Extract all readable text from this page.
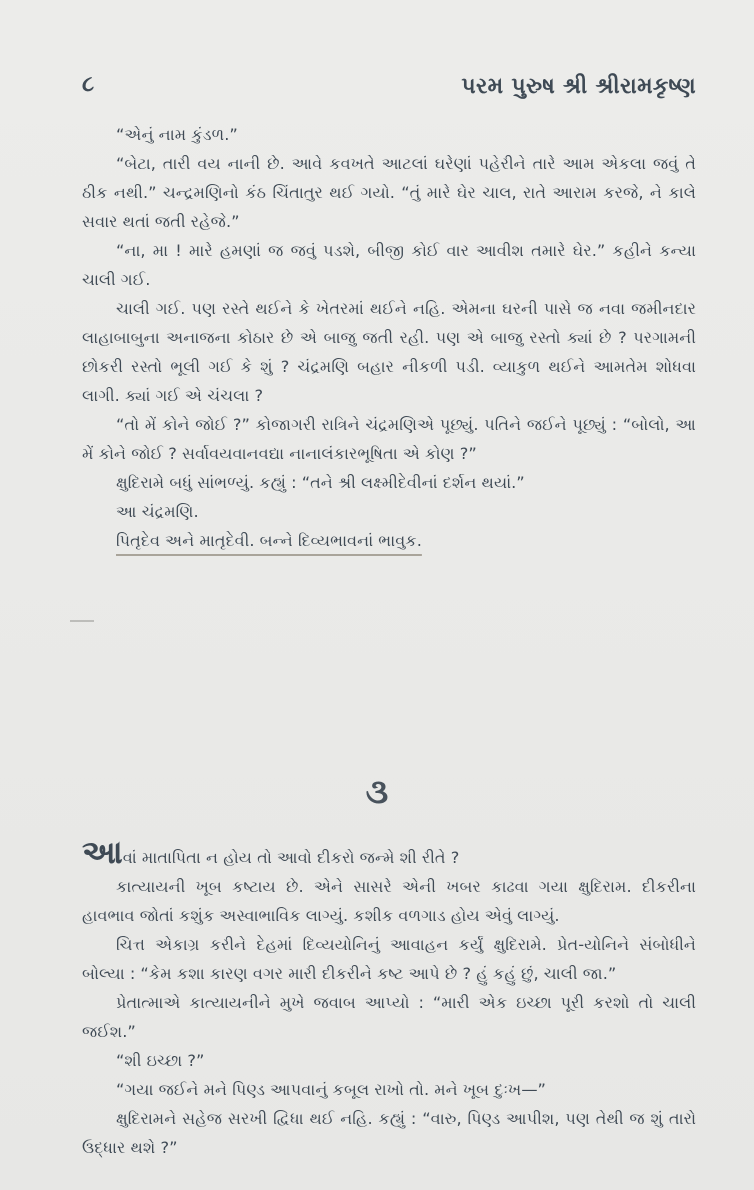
૮	પરમ પુરુષ શ્રી શ્રીરામકૃષ્ણ

“એનું નામ કુંડળ.”

“બેટા, તારી વય નાની છે. આવે કવખતે આટલાં ઘરેણાં પહેરીને તારે આમ એકલા જવું તે ઠીક નથી.” ચન્દ્રમણિનો કંઠ ચિંતાતુર થઈ ગયો. “તું મારે ઘેર ચાલ, રાતે આરામ કરજે, ને કાલે સવાર થતાં જતી રહેજે.”

“ના, મા ! મારે હમણાં જ જવું પડશે, બીજી કોઈ વાર આવીશ તમારે ઘેર.” કહીને કન્યા ચાલી ગઈ.

ચાલી ગઈ. પણ રસ્તે થઈને કે ખેતરમાં થઈને નહિ. એમના ઘરની પાસે જ નવા જમીનદાર લાહાબાબુના અનાજના કોઠાર છે એ બાજુ જતી રહી. પણ એ બાજુ રસ્તો ક્યાં છે ? પરગામની છોકરી રસ્તો ભૂલી ગઈ કે શું ? ચંદ્રમણિ બહાર નીકળી પડી. વ્યાકુળ થઈને આમતેમ શોધવા લાગી. ક્યાં ગઈ એ ચંચલા ?

“તો મેં કોને જોઈ ?” કોજાગરી રાત્રિને ચંદ્રમણિએ પૂછ્યું. પતિને જઈને પૂછ્યું : “બોલો, આ મેં કોને જોઈ ? સર્વાવયવાનવદ્યા નાનાલંકારભૂષિતા એ કોણ ?”

ક્ષુદિરામે બધું સાંભળ્યું. કહ્યું : “તને શ્રી લક્ષ્મીદેવીનાં દર્શન થયાં.”

આ ચંદ્રમણિ.

પિતૃદેવ અને માતૃદેવી. બન્ને દિવ્યભાવનાં ભાવુક.

૩

આવાં માતાપિતા ન હોય તો આવો દીકરો જન્મે શી રીતે ?

કાત્યાયની ખૂબ કષ્ટાય છે. એને સાસરે એની ખબર કાઢવા ગયા ક્ષુદિરામ. દીકરીના હાવભાવ જોતાં કશુંક અસ્વાભાવિક લાગ્યું. કશીક વળગાડ હોય એવું લાગ્યું.

ચિત્ત એકાગ્ર કરીને દેહમાં દિવ્યયોનિનું આવાહન કર્યું ક્ષુદિરામે. પ્રેત-યોનિને સંબોધીને બોલ્યા : “કેમ કશા કારણ વગર મારી દીકરીને કષ્ટ આપે છે ? હું કહું છું, ચાલી જા.”

પ્રેતાત્માએ કાત્યાયનીને મુખે જવાબ આપ્યો : “મારી એક ઇચ્છા પૂરી કરશો તો ચાલી જઈશ.”

“શી ઇચ્છા ?”

“ગયા જઈને મને પિણ્ડ આપવાનું કબૂલ રાખો તો. મને ખૂબ દુઃખ—”

ક્ષુદિરામને સહેજ સરખી દ્વિધા થઈ નહિ. કહ્યું : “વારુ, પિણ્ડ આપીશ, પણ તેથી જ શું તારો ઉદ્ધાર થશે ?”
